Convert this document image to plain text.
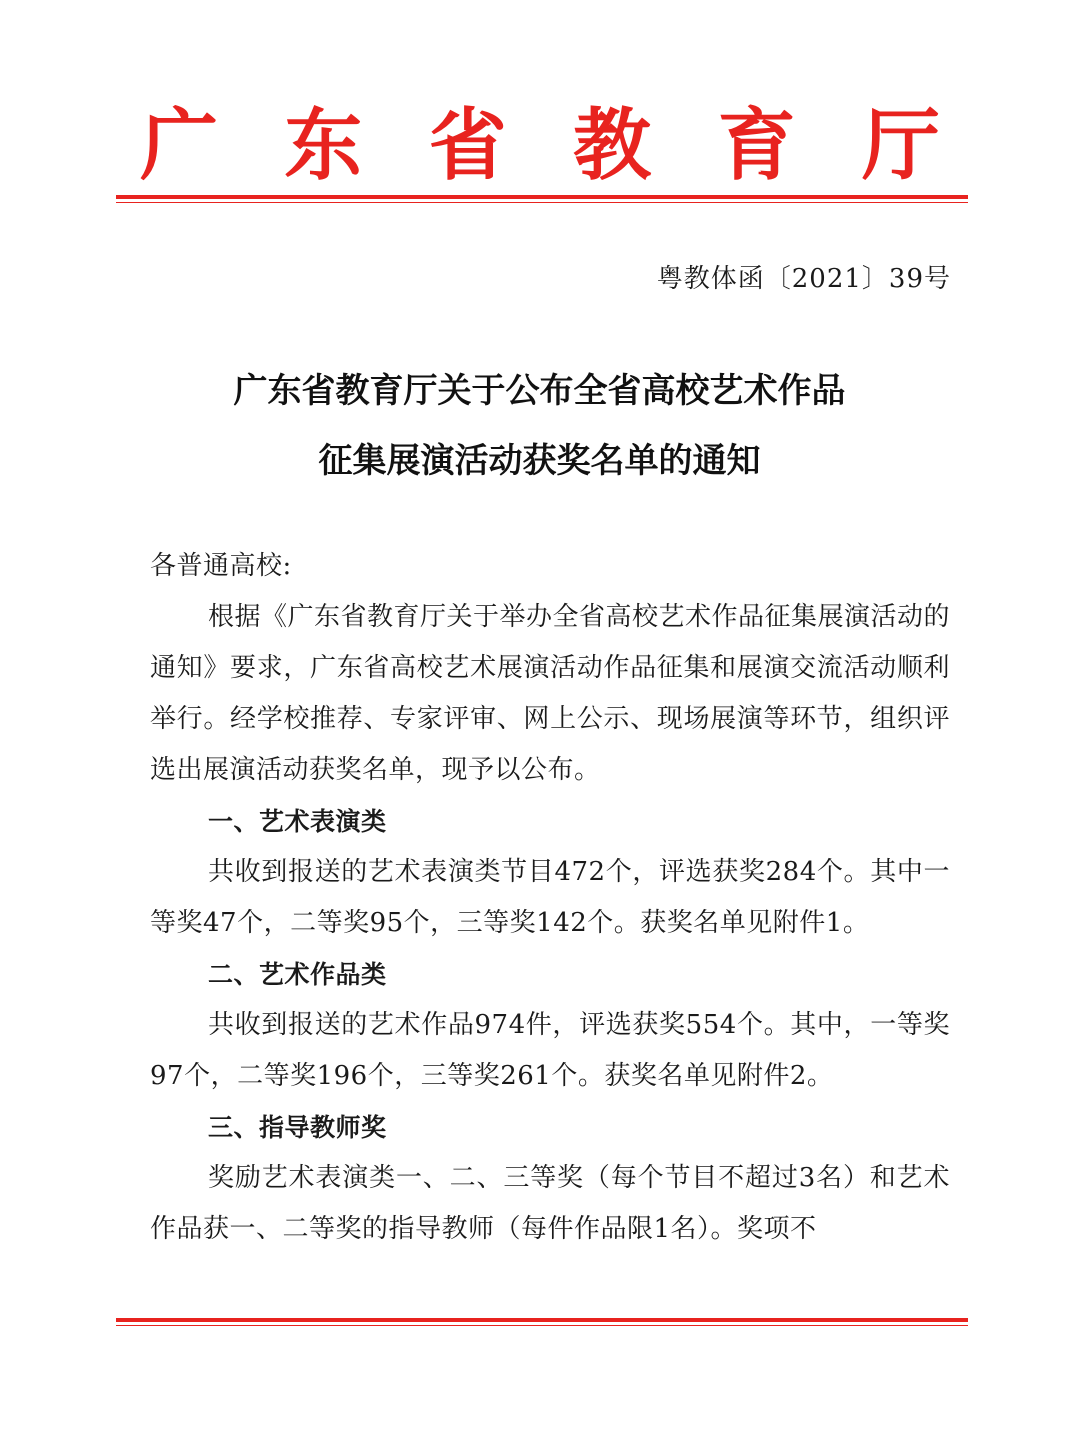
广 东 省 教 育 厅
粤教体函〔2021〕39号
广东省教育厅关于公布全省高校艺术作品
征集展演活动获奖名单的通知

各普通高校:

根据《广东省教育厅关于举办全省高校艺术作品征集展演活动的通知》要求，广东省高校艺术展演活动作品征集和展演交流活动顺利举行。经学校推荐、专家评审、网上公示、现场展演等环节，组织评选出展演活动获奖名单，现予以公布。

一、艺术表演类

共收到报送的艺术表演类节目472个，评选获奖284个。其中一等奖47个，二等奖95个，三等奖142个。获奖名单见附件1。

二、艺术作品类

共收到报送的艺术作品974件，评选获奖554个。其中，一等奖97个，二等奖196个，三等奖261个。获奖名单见附件2。

三、指导教师奖

奖励艺术表演类一、二、三等奖（每个节目不超过3名）和艺术作品获一、二等奖的指导教师（每件作品限1名）。奖项不
